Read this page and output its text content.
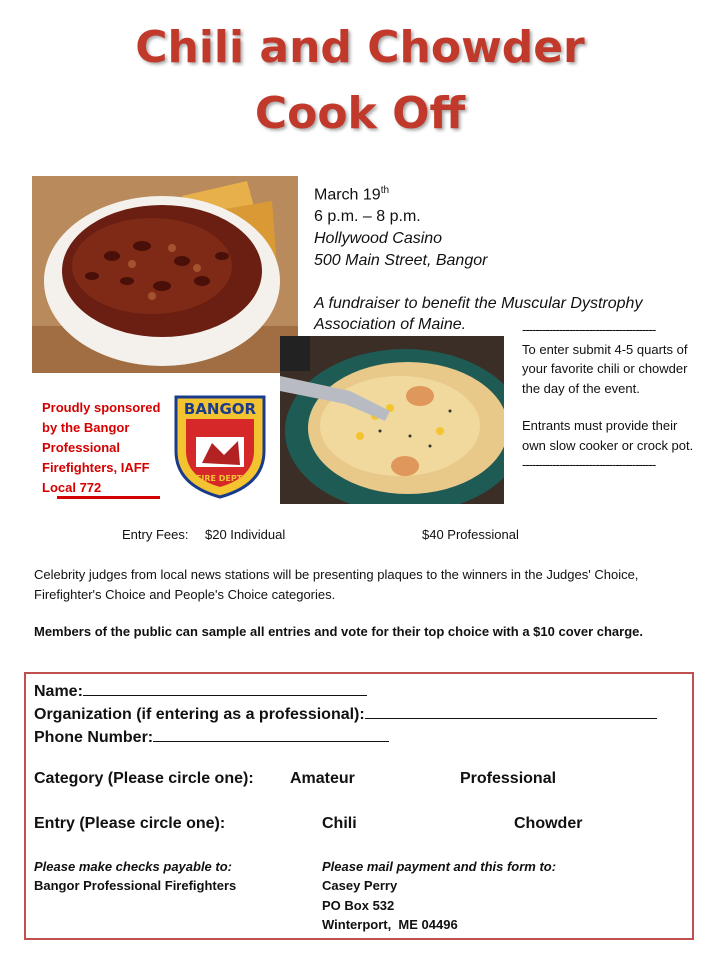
Chili and Chowder
Cook Off
March 19th
6 p.m. – 8 p.m.
Hollywood Casino
500 Main Street, Bangor
A fundraiser to benefit the Muscular Dystrophy Association of Maine.	----------------------------------------
To enter submit 4-5 quarts of your favorite chili or chowder the day of the event.
Entrants must provide their own slow cooker or crock pot.
----------------------------------------
Proudly sponsored by the Bangor Professional Firefighters, IAFF Local 772
BANGOR
FIRE DEPT.
Entry Fees: $20 Individual	$40 Professional
Celebrity judges from local news stations will be presenting plaques to the winners in the Judges' Choice, Firefighter's Choice and People's Choice categories.
Members of the public can sample all entries and vote for their top choice with a $10 cover charge.
Name:
Organization (if entering as a professional):
Phone Number:
Category (Please circle one): Amateur	Professional
Entry (Please circle one):	Chili	Chowder
Please make checks payable to:
Bangor Professional Firefighters
Please mail payment and this form to:
Casey Perry
PO Box 532
Winterport,  ME 04496
